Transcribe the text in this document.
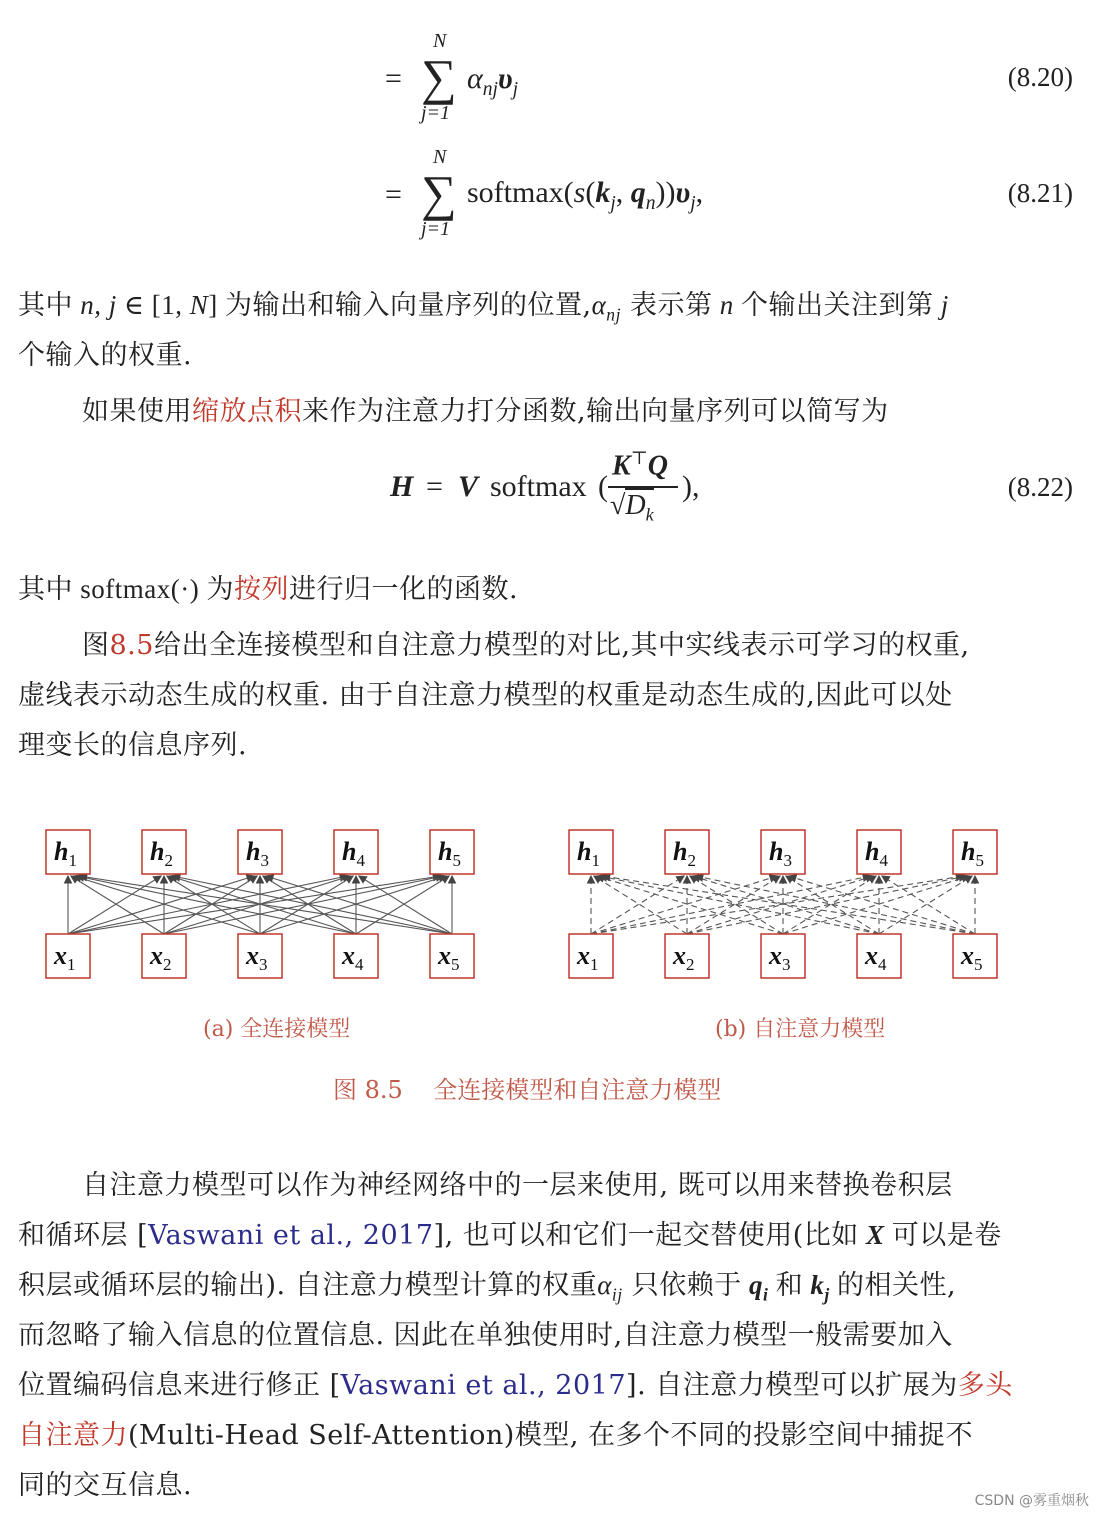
=
N
∑
j=1
$\alpha_{nj}\upsilon_j$	(8.20)
=
N
∑
j=1
$softmax(s(k_j$, $q_n))\upsilon_j$,	(8.21)
其中 n, j ∈ [1, N] 为输出和输入向量序列的位置$,\alpha_{nj}$ 表示第 n 个输出关注到第 j
个输入的权重.
如果使用缩放点积来作为注意力打分函数,输出向量序列可以简写为
H = V softmax (
K⊤Q
$√D_k$
),	(8.22)
其中 softmax(·) 为按列进行归一化的函数.
图8.5给出全连接模型和自注意力模型的对比,其中实线表示可学习的权重,
虚线表示动态生成的权重. 由于自注意力模型的权重是动态生成的,因此可以处
理变长的信息序列.
$h_1$
$x_1$
$h_2$
$x_2$
$h_3$
$x_3$
$h_4$
$x_4$
$h_5$
$x_5$
$h_1$
$x_1$
$h_2$
$x_2$
$h_3$
$x_3$
$h_4$
$x_4$
$h_5$
$x_5$
(a) 全连接模型	(b) 自注意力模型
图 8.5    全连接模型和自注意力模型
自注意力模型可以作为神经网络中的一层来使用, 既可以用来替换卷积层
和循环层 [Vaswani et al., 2017], 也可以和它们一起交替使用(比如 X 可以是卷
积层或循环层的输出). 自注意力模型计算的权重$\alpha_{ij}$ 只依赖于 $q_i$ 和 $k_j$ 的相关性,
而忽略了输入信息的位置信息. 因此在单独使用时,自注意力模型一般需要加入
位置编码信息来进行修正 [Vaswani et al., 2017]. 自注意力模型可以扩展为多头
自注意力(Multi-Head Self-Attention)模型, 在多个不同的投影空间中捕捉不
同的交互信息.	CSDN @雾重烟秋
